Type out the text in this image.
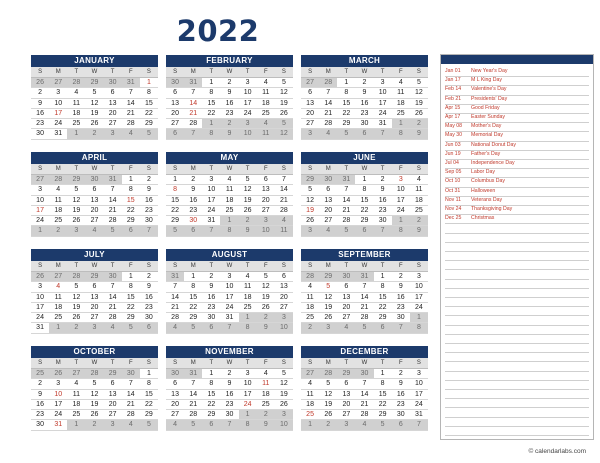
2022
JANUARY
S	M	T	W	T	F	S
26	27	28	29	30	31	1
2	3	4	5	6	7	8
9	10	11	12	13	14	15
16	17	18	19	20	21	22
23	24	25	26	27	28	29
30	31	1	2	3	4	5
FEBRUARY
S	M	T	W	T	F	S
30	31	1	2	3	4	5
6	7	8	9	10	11	12
13	14	15	16	17	18	19
20	21	22	23	24	25	26
27	28	1	2	3	4	5
6	7	8	9	10	11	12
MARCH
S	M	T	W	T	F	S
27	28	1	2	3	4	5
6	7	8	9	10	11	12
13	14	15	16	17	18	19
20	21	22	23	24	25	26
27	28	29	30	31	1	2
3	4	5	6	7	8	9
APRIL
S	M	T	W	T	F	S
27	28	29	30	31	1	2
3	4	5	6	7	8	9
10	11	12	13	14	15	16
17	18	19	20	21	22	23
24	25	26	27	28	29	30
1	2	3	4	5	6	7
MAY
S	M	T	W	T	F	S
1	2	3	4	5	6	7
8	9	10	11	12	13	14
15	16	17	18	19	20	21
22	23	24	25	26	27	28
29	30	31	1	2	3	4
5	6	7	8	9	10	11
JUNE
S	M	T	W	T	F	S
29	30	31	1	2	3	4
5	6	7	8	9	10	11
12	13	14	15	16	17	18
19	20	21	22	23	24	25
26	27	28	29	30	1	2
3	4	5	6	7	8	9
JULY
S	M	T	W	T	F	S
26	27	28	29	30	1	2
3	4	5	6	7	8	9
10	11	12	13	14	15	16
17	18	19	20	21	22	23
24	25	26	27	28	29	30
31	1	2	3	4	5	6
AUGUST
S	M	T	W	T	F	S
31	1	2	3	4	5	6
7	8	9	10	11	12	13
14	15	16	17	18	19	20
21	22	23	24	25	26	27
28	29	30	31	1	2	3
4	5	6	7	8	9	10
SEPTEMBER
S	M	T	W	T	F	S
28	29	30	31	1	2	3
4	5	6	7	8	9	10
11	12	13	14	15	16	17
18	19	20	21	22	23	24
25	26	27	28	29	30	1
2	3	4	5	6	7	8
OCTOBER
S	M	T	W	T	F	S
25	26	27	28	29	30	1
2	3	4	5	6	7	8
9	10	11	12	13	14	15
16	17	18	19	20	21	22
23	24	25	26	27	28	29
30	31	1	2	3	4	5
NOVEMBER
S	M	T	W	T	F	S
30	31	1	2	3	4	5
6	7	8	9	10	11	12
13	14	15	16	17	18	19
20	21	22	23	24	25	26
27	28	29	30	1	2	3
4	5	6	7	8	9	10
DECEMBER
S	M	T	W	T	F	S
27	28	29	30	1	2	3
4	5	6	7	8	9	10
11	12	13	14	15	16	17
18	19	20	21	22	23	24
25	26	27	28	29	30	31
1	2	3	4	5	6	7
Jan 01 New Year's Day
Jan 17 M L King Day
Feb 14 Valentine's Day
Feb 21 Presidents' Day
Apr 15 Good Friday
Apr 17 Easter Sunday
May 08 Mother's Day
May 30 Memorial Day
Jun 03 National Donut Day
Jun 19 Father's Day
Jul 04 Independence Day
Sep 05 Labor Day
Oct 10 Columbus Day
Oct 31 Halloween
Nov 11 Veterans Day
Nov 24 Thanksgiving Day
Dec 25 Christmas
© calendarlabs.com
